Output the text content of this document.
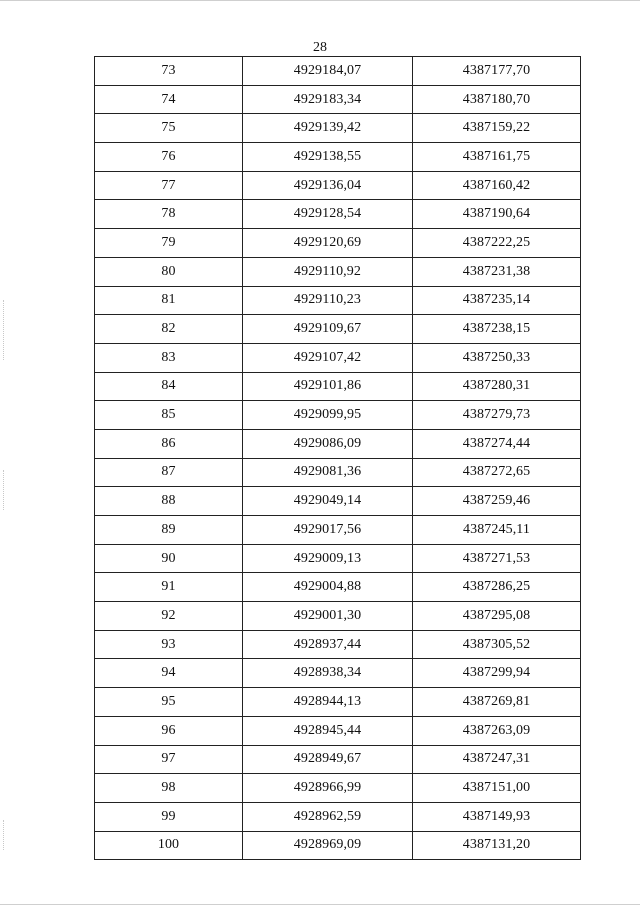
28
73	4929184,07	4387177,70
74	4929183,34	4387180,70
75	4929139,42	4387159,22
76	4929138,55	4387161,75
77	4929136,04	4387160,42
78	4929128,54	4387190,64
79	4929120,69	4387222,25
80	4929110,92	4387231,38
81	4929110,23	4387235,14
82	4929109,67	4387238,15
83	4929107,42	4387250,33
84	4929101,86	4387280,31
85	4929099,95	4387279,73
86	4929086,09	4387274,44
87	4929081,36	4387272,65
88	4929049,14	4387259,46
89	4929017,56	4387245,11
90	4929009,13	4387271,53
91	4929004,88	4387286,25
92	4929001,30	4387295,08
93	4928937,44	4387305,52
94	4928938,34	4387299,94
95	4928944,13	4387269,81
96	4928945,44	4387263,09
97	4928949,67	4387247,31
98	4928966,99	4387151,00
99	4928962,59	4387149,93
100	4928969,09	4387131,20
